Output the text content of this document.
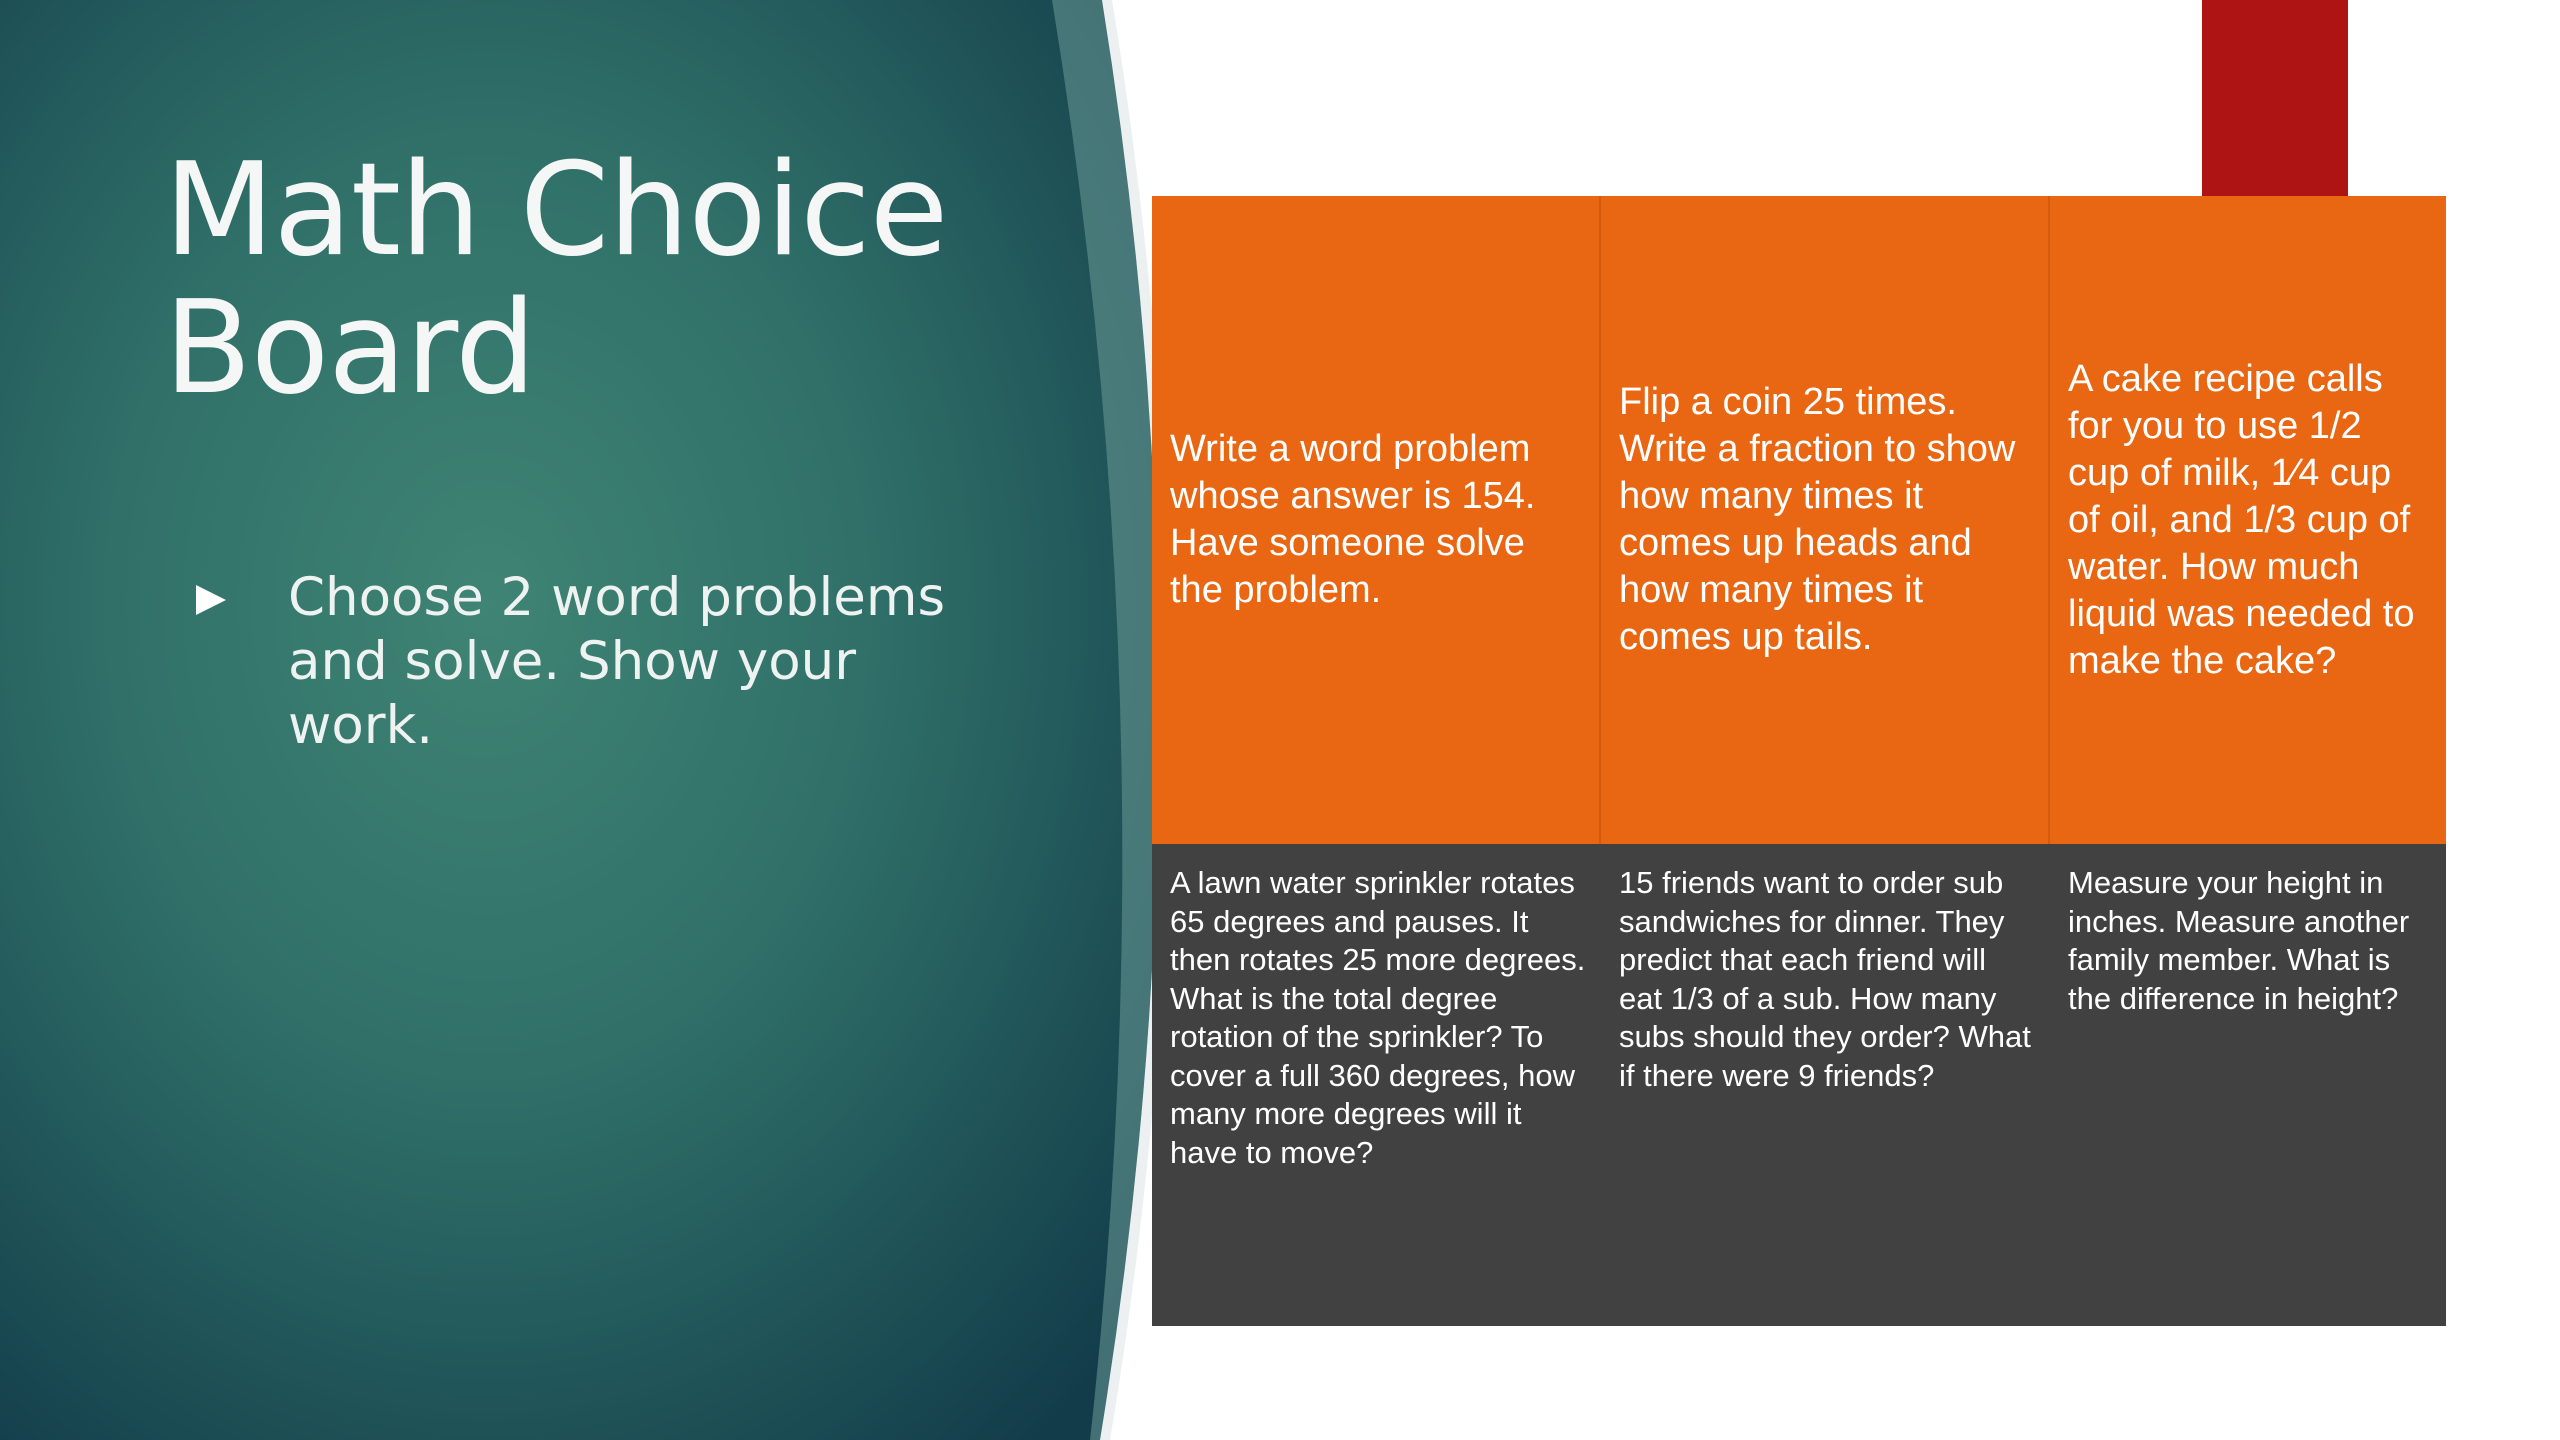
Math Choice
Board
Choose 2 word problems and solve. Show your work.
Write a word problem whose answer is 154. Have someone solve the problem.
Flip a coin 25 times. Write a fraction to show how many times it comes up heads and how many times it comes up tails.
A cake recipe calls for you to use 1/2 cup of milk, 1⁄4 cup of oil, and 1/3 cup of water. How much liquid was needed to make the cake?
A lawn water sprinkler rotates 65 degrees and pauses. It then rotates 25 more degrees. What is the total degree rotation of the sprinkler? To cover a full 360 degrees, how many more degrees will it have to move?
15 friends want to order sub sandwiches for dinner. They predict that each friend will eat 1/3 of a sub. How many subs should they order? What if there were 9 friends?
Measure your height in inches. Measure another family member. What is the difference in height?
